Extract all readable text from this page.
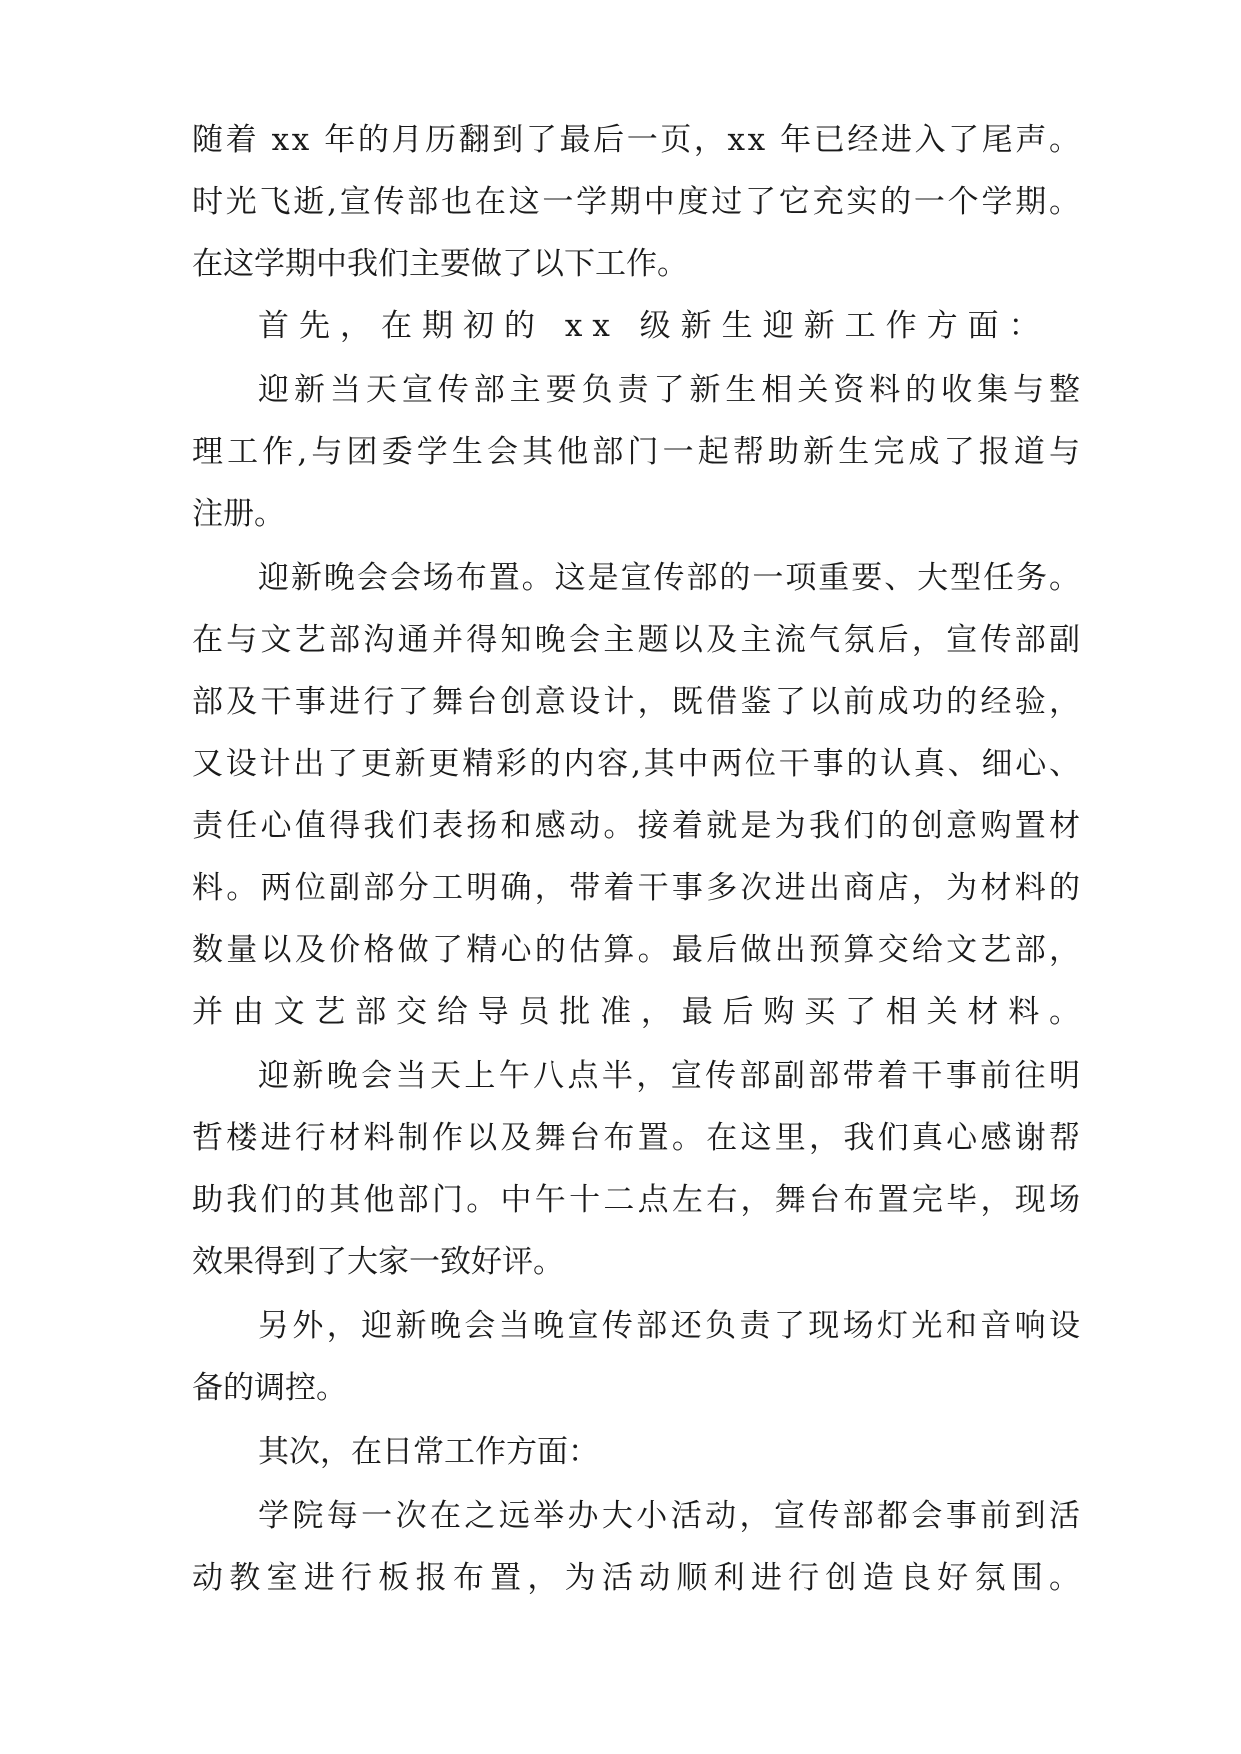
随着 xx 年的月历翻到了最后一页，xx 年已经进入了尾声。
时光飞逝,宣传部也在这一学期中度过了它充实的一个学期。
在这学期中我们主要做了以下工作。
首先，在期初的 xx 级新生迎新工作方面：
迎新当天宣传部主要负责了新生相关资料的收集与整
理工作,与团委学生会其他部门一起帮助新生完成了报道与
注册。
迎新晚会会场布置。这是宣传部的一项重要、大型任务。
在与文艺部沟通并得知晚会主题以及主流气氛后，宣传部副
部及干事进行了舞台创意设计，既借鉴了以前成功的经验，
又设计出了更新更精彩的内容,其中两位干事的认真、细心、
责任心值得我们表扬和感动。接着就是为我们的创意购置材
料。两位副部分工明确，带着干事多次进出商店，为材料的
数量以及价格做了精心的估算。最后做出预算交给文艺部，
并由文艺部交给导员批准，最后购买了相关材料。
迎新晚会当天上午八点半，宣传部副部带着干事前往明
哲楼进行材料制作以及舞台布置。在这里，我们真心感谢帮
助我们的其他部门。中午十二点左右，舞台布置完毕，现场
效果得到了大家一致好评。
另外，迎新晚会当晚宣传部还负责了现场灯光和音响设
备的调控。
其次，在日常工作方面：
学院每一次在之远举办大小活动，宣传部都会事前到活
动教室进行板报布置，为活动顺利进行创造良好氛围。
